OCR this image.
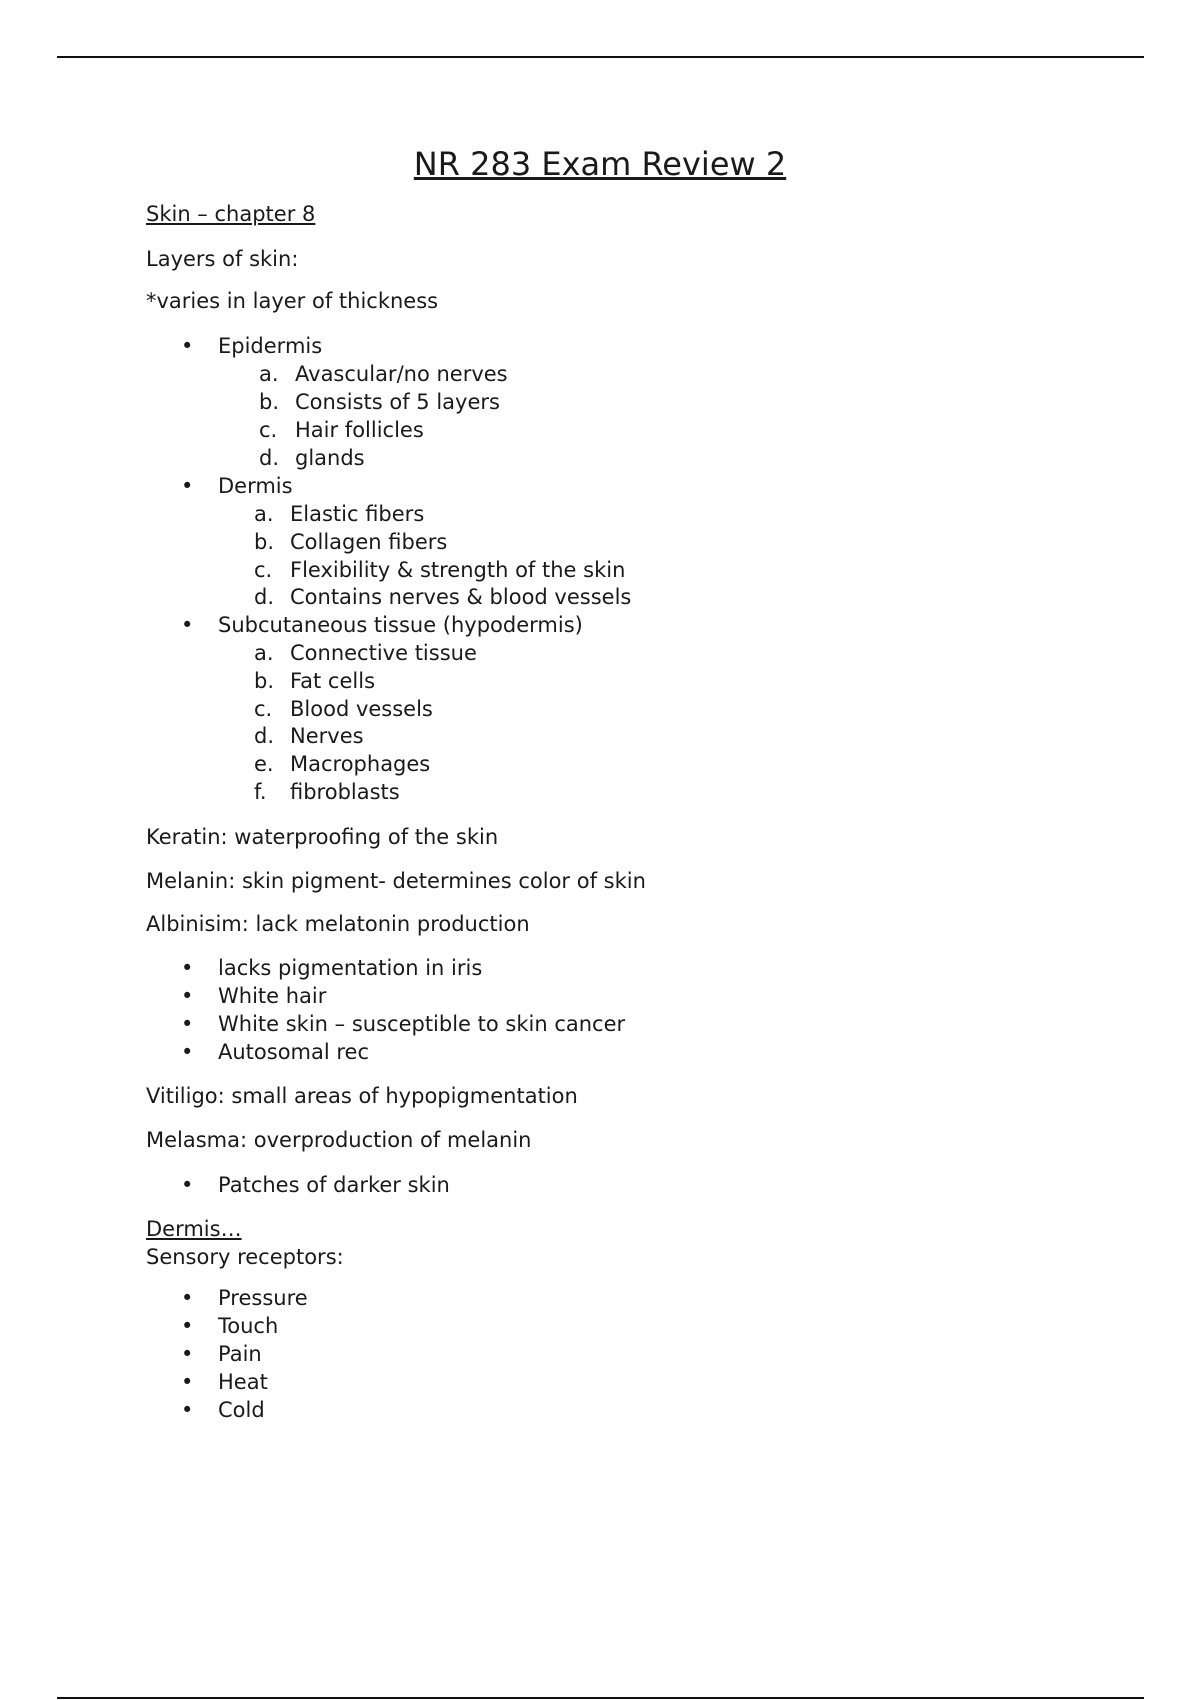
NR 283 Exam Review 2
Skin – chapter 8
Layers of skin:
*varies in layer of thickness
Epidermis
a. Avascular/no nerves
b. Consists of 5 layers
c. Hair follicles
d. glands
Dermis
a. Elastic fibers
b. Collagen fibers
c. Flexibility & strength of the skin
d. Contains nerves & blood vessels
Subcutaneous tissue (hypodermis)
a. Connective tissue
b. Fat cells
c. Blood vessels
d. Nerves
e. Macrophages
f. fibroblasts
Keratin: waterproofing of the skin
Melanin: skin pigment- determines color of skin
Albinisim: lack melatonin production
lacks pigmentation in iris
White hair
White skin – susceptible to skin cancer
Autosomal rec
Vitiligo: small areas of hypopigmentation
Melasma: overproduction of melanin
Patches of darker skin
Dermis…
Sensory receptors:
Pressure
Touch
Pain
Heat
Cold
